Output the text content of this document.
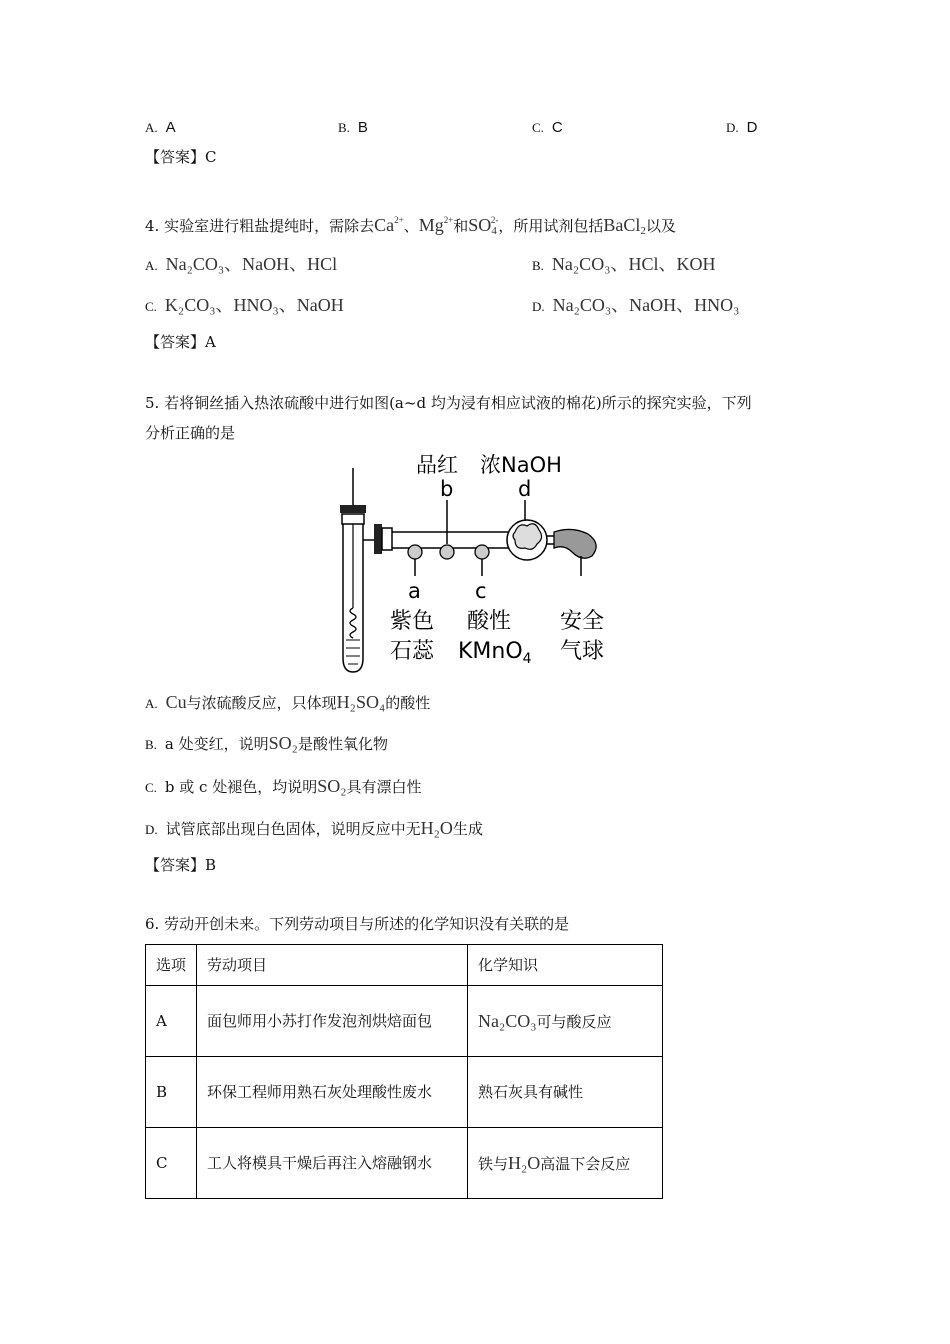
A. A	B. B	C. C	D. D
【答案】C
4. 实验室进行粗盐提纯时，需除去$Ca^{2+}$、$Mg^{2+}$和$SO_4^{2-}$，所用试剂包括BaCl$_2$以及
A. Na₂CO₃、NaOH、HCl	B. Na₂CO₃、HCl、KOH
C. K₂CO₃、HNO₃、NaOH	D. Na₂CO₃、NaOH、HNO₃
【答案】A
5. 若将铜丝插入热浓硫酸中进行如图(a~d 均为浸有相应试液的棉花)所示的探究实验，下列
分析正确的是
品红 浓NaOH
b	d
a	c
紫色 酸性 安全
石蕊 KMnO$_4$ 气球
A. Cu与浓硫酸反应，只体现H₂SO₄的酸性
B. a 处变红，说明SO₂是酸性氧化物
C. b 或 c 处褪色，均说明SO₂具有漂白性
D. 试管底部出现白色固体，说明反应中无H₂O生成
【答案】B
6. 劳动开创未来。下列劳动项目与所述的化学知识没有关联的是
选项	劳动项目	化学知识
A	面包师用小苏打作发泡剂烘焙面包	Na₂CO₃可与酸反应
B	环保工程师用熟石灰处理酸性废水	熟石灰具有碱性
C	工人将模具干燥后再注入熔融钢水	铁与H₂O高温下会反应
